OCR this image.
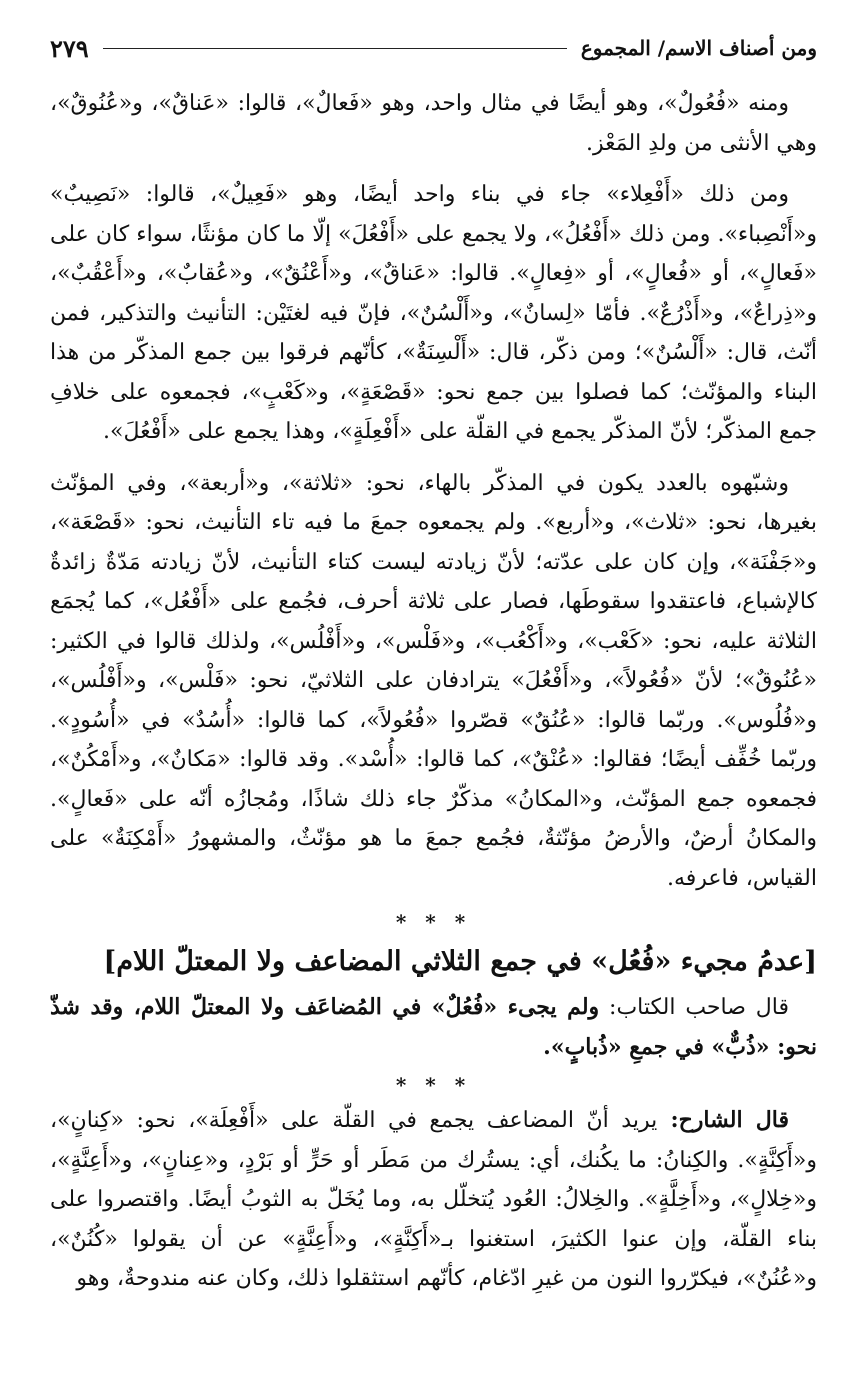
ومن أصناف الاسم/ المجموع
٢٧٩

ومنه «فُعُولٌ»، وهو أيضًا في مثال واحد، وهو «فَعالٌ»، قالوا: «عَناقٌ»، و«عُنُوقٌ»، وهي الأنثى من ولدِ المَعْز.

ومن ذلك «أَفْعِلاء» جاء في بناء واحد أيضًا، وهو «فَعِيلٌ»، قالوا: «نَصِيبٌ» و«أَنْصِباء». ومن ذلك «أَفْعُلُ»، ولا يجمع على «أَفْعُلَ» إلّا ما كان مؤنثًا، سواء كان على «فَعالٍ»، أو «فُعالٍ»، أو «فِعالٍ». قالوا: «عَناقٌ»، و«أَعْنُقٌ»، و«عُقابٌ»، و«أَعْقُبٌ»، و«ذِراعٌ»، و«أَذْرُعٌ». فأمّا «لِسانٌ»، و«أَلْسُنٌ»، فإنّ فيه لغتَيْن: التأنيث والتذكير، فمن أنّث، قال: «أَلْسُنٌ»؛ ومن ذكّر، قال: «أَلْسِنَةٌ»، كأنّهم فرقوا بين جمع المذكّر من هذا البناء والمؤنّث؛ كما فصلوا بين جمع نحو: «قَصْعَةٍ»، و«كَعْبٍ»، فجمعوه على خلافِ جمع المذكّر؛ لأنّ المذكّر يجمع في القلّة على «أَفْعِلَةٍ»، وهذا يجمع على «أَفْعُلَ».

وشبّهوه بالعدد يكون في المذكّر بالهاء، نحو: «ثلاثة»، و«أربعة»، وفي المؤنّث بغيرها، نحو: «ثلاث»، و«أربع». ولم يجمعوه جمعَ ما فيه تاء التأنيث، نحو: «قَصْعَة»، و«جَفْنَة»، وإن كان على عدّته؛ لأنّ زيادته ليست كتاء التأنيث، لأنّ زيادته مَدّةٌ زائدةٌ كالإشباع، فاعتقدوا سقوطَها، فصار على ثلاثة أحرف، فجُمع على «أَفْعُل»، كما يُجمَع الثلاثة عليه، نحو: «كَعْب»، و«أَكْعُب»، و«فَلْس»، و«أَفْلُس»، ولذلك قالوا في الكثير: «عُنُوقٌ»؛ لأنّ «فُعُولاً»، و«أَفْعُلَ» يترادفان على الثلاثيّ، نحو: «فَلْس»، و«أَفْلُس»، و«فُلُوس». وربّما قالوا: «عُنُقٌ» قصّروا «فُعُولاً»، كما قالوا: «أُسُدٌ» في «أُسُودٍ». وربّما خُفِّف أيضًا؛ فقالوا: «عُنْقٌ»، كما قالوا: «أُسْد». وقد قالوا: «مَكانٌ»، و«أَمْكُنٌ»، فجمعوه جمع المؤنّث، و«المكانُ» مذكّرٌ جاء ذلك شاذًا، ومُجازُه أنّه على «فَعالٍ». والمكانُ أرضٌ، والأرضُ مؤنّثةٌ، فجُمع جمعَ ما هو مؤنّثٌ، والمشهورُ «أَمْكِنَةٌ» على القياس، فاعرفه.

* * *
[عدمُ مجيء «فُعُل» في جمع الثلاثي المضاعف ولا المعتلّ اللام]

قال صاحب الكتاب: ولم يجىء «فُعُلٌ» في المُضاعَف ولا المعتلّ اللام، وقد شذّ نحو: «ذُبٌّ» في جمعِ «ذُبابٍ».

* * *

قال الشارح: يريد أنّ المضاعف يجمع في القلّة على «أَفْعِلَة»، نحو: «كِنانٍ»، و«أَكِنَّةٍ». والكِنانُ: ما يكُنك، أي: يستُرك من مَطَر أو حَرٍّ أو بَرْدٍ، و«عِنانٍ»، و«أَعِنَّةٍ»، و«خِلالٍ»، و«أَخِلَّةٍ». والخِلالُ: العُود يُتخلّل به، وما يُخَلّ به الثوبُ أيضًا. واقتصروا على بناء القلّة، وإن عنوا الكثيرَ، استغنوا بـ«أَكِنَّةٍ»، و«أَعِنَّةٍ» عن أن يقولوا «كُنُنٌ»، و«عُنُنٌ»، فيكرّروا النون من غيرِ ادّغام، كأنّهم استثقلوا ذلك، وكان عنه مندوحةٌ، وهو
